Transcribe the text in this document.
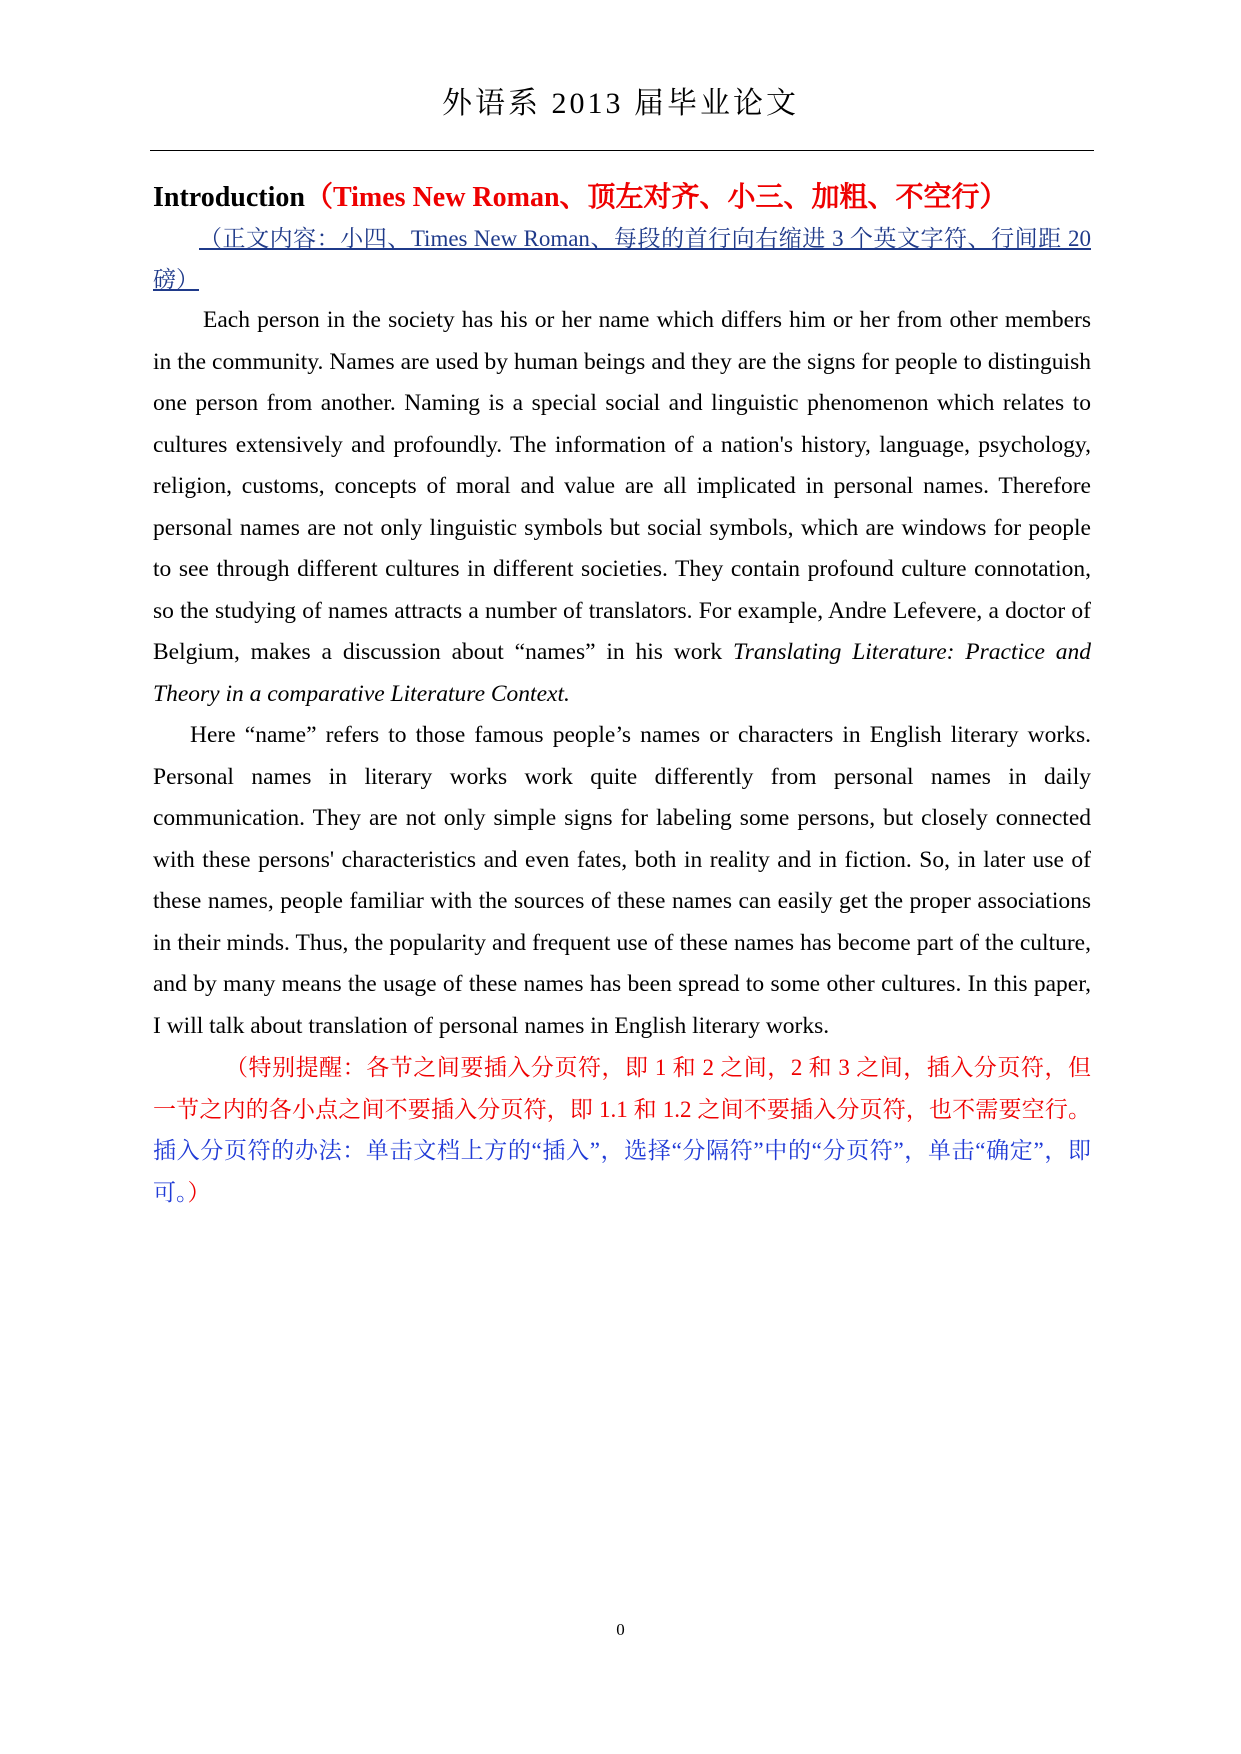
外语系 2013 届毕业论文
Introduction（Times New Roman、顶左对齐、小三、加粗、不空行）

（正文内容：小四、Times New Roman、每段的首行向右缩进 3 个英文字符、行间距 20 磅）

Each person in the society has his or her name which differs him or her from other members in the community. Names are used by human beings and they are the signs for people to distinguish one person from another. Naming is a special social and linguistic phenomenon which relates to cultures extensively and profoundly. The information of a nation's history, language, psychology, religion, customs, concepts of moral and value are all implicated in personal names. Therefore personal names are not only linguistic symbols but social symbols, which are windows for people to see through different cultures in different societies. They contain profound culture connotation, so the studying of names attracts a number of translators. For example, Andre Lefevere, a doctor of Belgium, makes a discussion about “names” in his work Translating Literature: Practice and Theory in a comparative Literature Context.

Here “name” refers to those famous people’s names or characters in English literary works. Personal names in literary works work quite differently from personal names in daily communication. They are not only simple signs for labeling some persons, but closely connected with these persons' characteristics and even fates, both in reality and in fiction. So, in later use of these names, people familiar with the sources of these names can easily get the proper associations in their minds. Thus, the popularity and frequent use of these names has become part of the culture, and by many means the usage of these names has been spread to some other cultures. In this paper, I will talk about translation of personal names in English literary works.

（特别提醒：各节之间要插入分页符，即 1 和 2 之间，2 和 3 之间，插入分页符，但一节之内的各小点之间不要插入分页符，即 1.1 和 1.2 之间不要插入分页符，也不需要空行。插入分页符的办法：单击文档上方的“插入”，选择“分隔符”中的“分页符”，单击“确定”，即可。）

0
